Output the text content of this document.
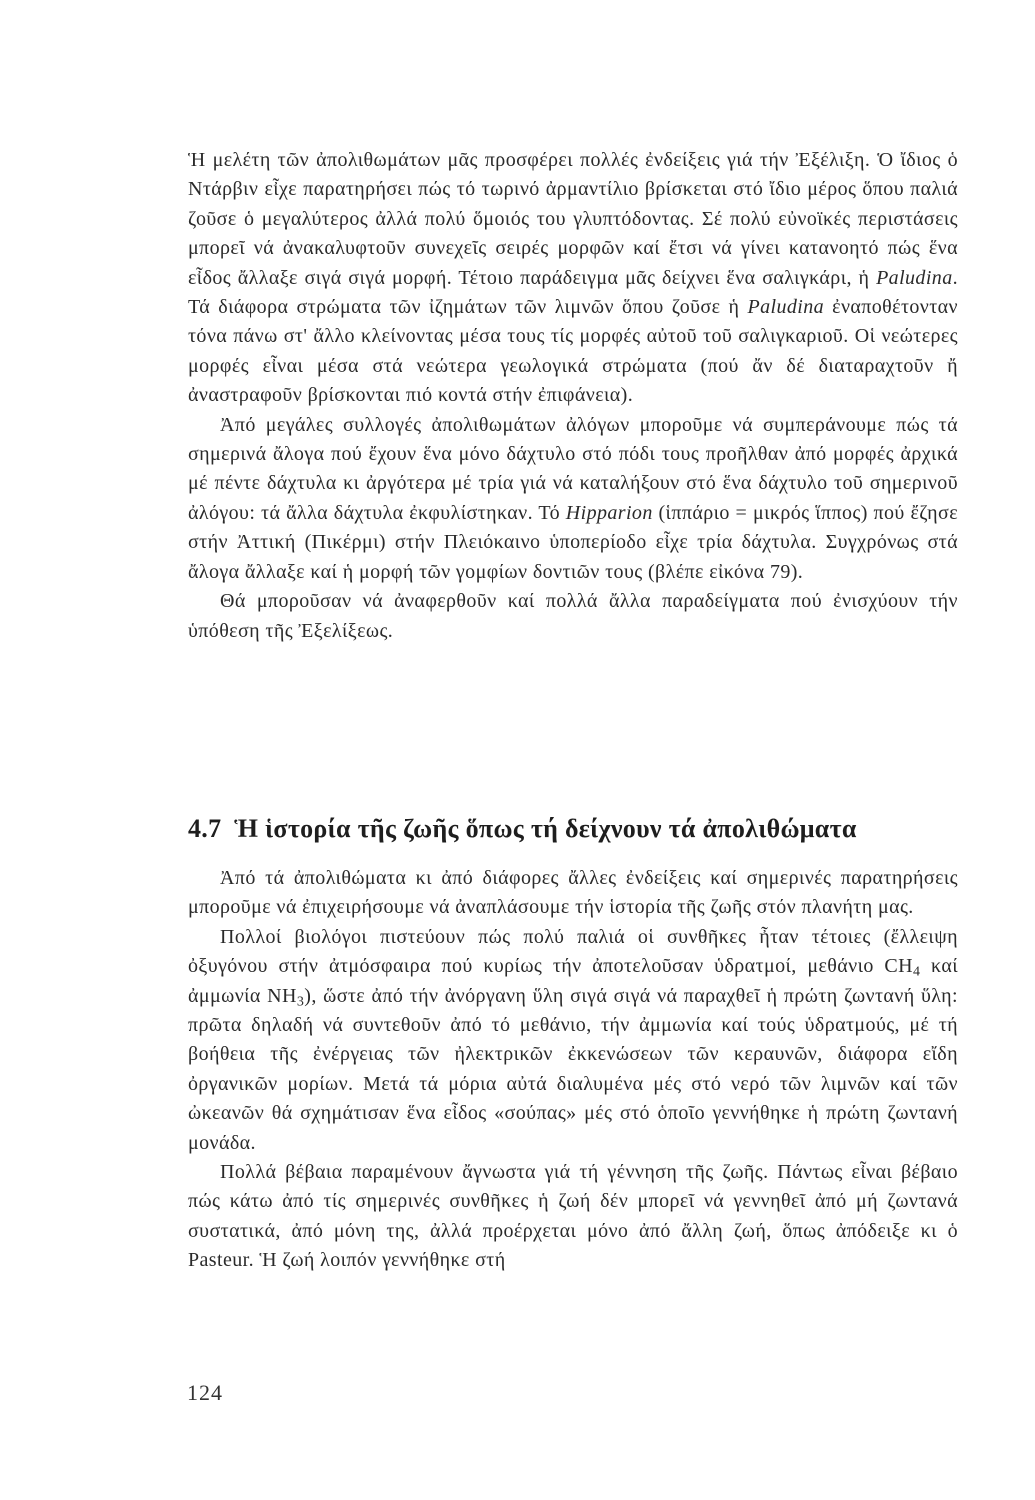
Ἡ μελέτη τῶν ἀπολιθωμάτων μᾶς προσφέρει πολλές ἐνδείξεις γιά τήν Ἐξέλιξη. Ὁ ἴδιος ὁ Ντάρβιν εἶχε παρατηρήσει πώς τό τωρινό ἀρμαντίλιο βρίσκεται στό ἴδιο μέρος ὅπου παλιά ζοῦσε ὁ μεγαλύτερος ἀλλά πολύ ὅμοιός του γλυπτόδοντας. Σέ πολύ εὐνοϊκές περιστάσεις μπορεῖ νά ἀνακαλυφτοῦν συνεχεῖς σειρές μορφῶν καί ἔτσι νά γίνει κατανοητό πώς ἕνα εἶδος ἄλλαξε σιγά σιγά μορφή. Τέτοιο παράδειγμα μᾶς δείχνει ἕνα σαλιγκάρι, ἡ Paludina. Τά διάφορα στρώματα τῶν ἰζημάτων τῶν λιμνῶν ὅπου ζοῦσε ἡ Paludina ἐναποθέτονταν τόνα πάνω στ' ἄλλο κλείνοντας μέσα τους τίς μορφές αὐτοῦ τοῦ σαλιγκαριοῦ. Οἱ νεώτερες μορφές εἶναι μέσα στά νεώτερα γεωλογικά στρώματα (πού ἄν δέ διαταραχτοῦν ἤ ἀναστραφοῦν βρίσκονται πιό κοντά στήν ἐπιφάνεια).

Ἀπό μεγάλες συλλογές ἀπολιθωμάτων ἀλόγων μποροῦμε νά συμπεράνουμε πώς τά σημερινά ἄλογα πού ἔχουν ἕνα μόνο δάχτυλο στό πόδι τους προῆλθαν ἀπό μορφές ἀρχικά μέ πέντε δάχτυλα κι ἀργότερα μέ τρία γιά νά καταλήξουν στό ἕνα δάχτυλο τοῦ σημερινοῦ ἀλόγου: τά ἄλλα δάχτυλα ἐκφυλίστηκαν. Τό Hipparion (ἱππάριο = μικρός ἵππος) πού ἔζησε στήν Ἀττική (Πικέρμι) στήν Πλειόκαινο ὑποπερίοδο εἶχε τρία δάχτυλα. Συγχρόνως στά ἄλογα ἄλλαξε καί ἡ μορφή τῶν γομφίων δοντιῶν τους (βλέπε εἰκόνα 79).

Θά μποροῦσαν νά ἀναφερθοῦν καί πολλά ἄλλα παραδείγματα πού ἐνισχύουν τήν ὑπόθεση τῆς Ἐξελίξεως.

4.7 Ἡ ἱστορία τῆς ζωῆς ὅπως τή δείχνουν τά ἀπολιθώματα

Ἀπό τά ἀπολιθώματα κι ἀπό διάφορες ἄλλες ἐνδείξεις καί σημερινές παρατηρήσεις μποροῦμε νά ἐπιχειρήσουμε νά ἀναπλάσουμε τήν ἱστορία τῆς ζωῆς στόν πλανήτη μας.

Πολλοί βιολόγοι πιστεύουν πώς πολύ παλιά οἱ συνθῆκες ἦταν τέτοιες (ἔλλειψη ὀξυγόνου στήν ἀτμόσφαιρα πού κυρίως τήν ἀποτελοῦσαν ὑδρατμοί, μεθάνιο $CH_4$ καί ἀμμωνία $NH_3$), ὥστε ἀπό τήν ἀνόργανη ὕλη σιγά σιγά νά παραχθεῖ ἡ πρώτη ζωντανή ὕλη: πρῶτα δηλαδή νά συντεθοῦν ἀπό τό μεθάνιο, τήν ἀμμωνία καί τούς ὑδρατμούς, μέ τή βοήθεια τῆς ἐνέργειας τῶν ἠλεκτρικῶν ἐκκενώσεων τῶν κεραυνῶν, διάφορα εἴδη ὀργανικῶν μορίων. Μετά τά μόρια αὐτά διαλυμένα μές στό νερό τῶν λιμνῶν καί τῶν ὠκεανῶν θά σχημάτισαν ἕνα εἶδος «σούπας» μές στό ὁποῖο γεννήθηκε ἡ πρώτη ζωντανή μονάδα.

Πολλά βέβαια παραμένουν ἄγνωστα γιά τή γέννηση τῆς ζωῆς. Πάντως εἶναι βέβαιο πώς κάτω ἀπό τίς σημερινές συνθῆκες ἡ ζωή δέν μπορεῖ νά γεννηθεῖ ἀπό μή ζωντανά συστατικά, ἀπό μόνη της, ἀλλά προέρχεται μόνο ἀπό ἄλλη ζωή, ὅπως ἀπόδειξε κι ὁ Pasteur. Ἡ ζωή λοιπόν γεννήθηκε στή

124
